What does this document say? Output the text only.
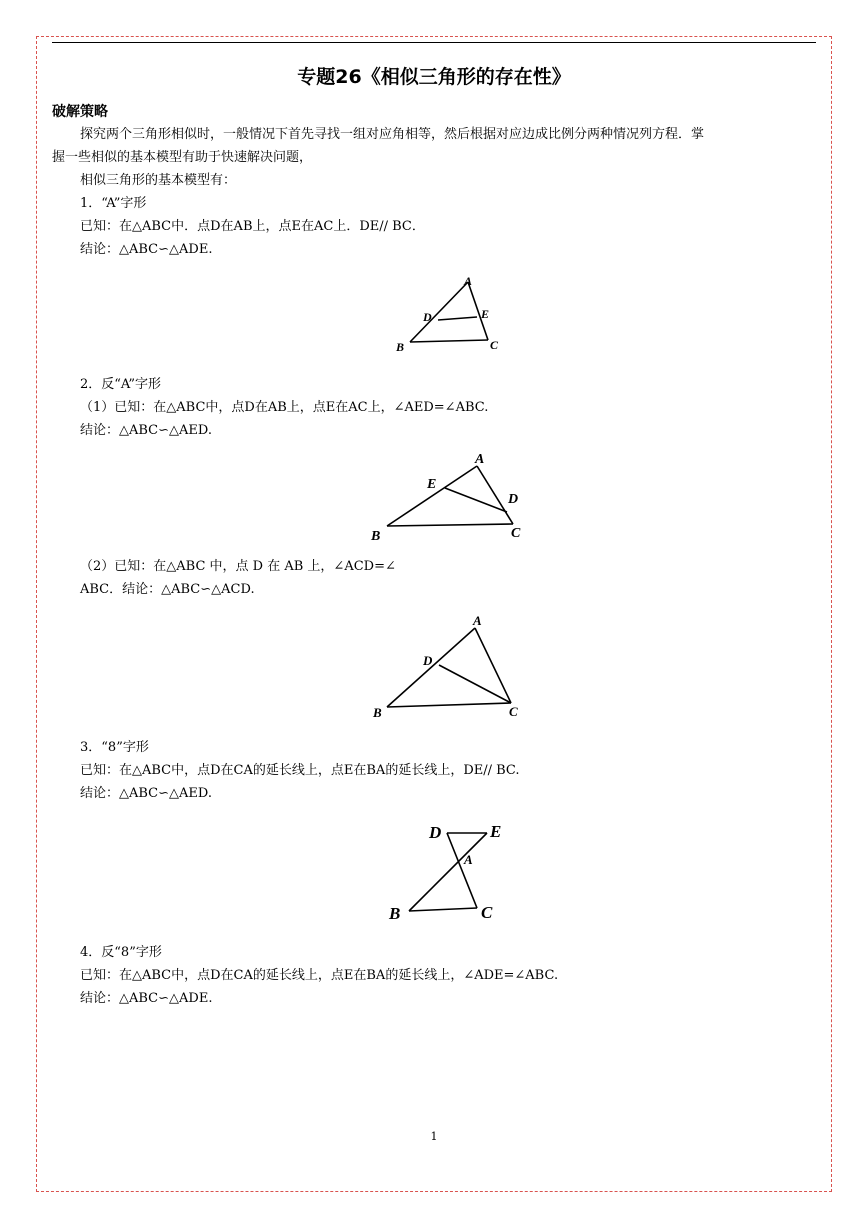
专题26《相似三角形的存在性》
破解策略
探究两个三角形相似时，一般情况下首先寻找一组对应角相等，然后根据对应边成比例分两种情况列方程．掌
握一些相似的基本模型有助于快速解决问题，
相似三角形的基本模型有：
1．“A”字形
已知：在△ABC中．点D在AB上，点E在AC上．DE// BC．
结论：△ABC∽△ADE.
A
D	E
B	C
2．反“A”字形
（1）已知：在△ABC中，点D在AB上，点E在AC上，∠AED=∠ABC.
结论：△ABC∽△AED.
A
E
D
B	C
（2）已知：在△ABC 中，点 D 在 AB 上，∠ACD=∠
ABC．结论：△ABC∽△ACD.
A
D
B	C
3．“8”字形
已知：在△ABC中，点D在CA的延长线上，点E在BA的延长线上，DE// BC.
结论：△ABC∽△AED.
D	E
A
B	C
4．反“8”字形
已知：在△ABC中，点D在CA的延长线上，点E在BA的延长线上，∠ADE=∠ABC.
结论：△ABC∽△ADE.
1
